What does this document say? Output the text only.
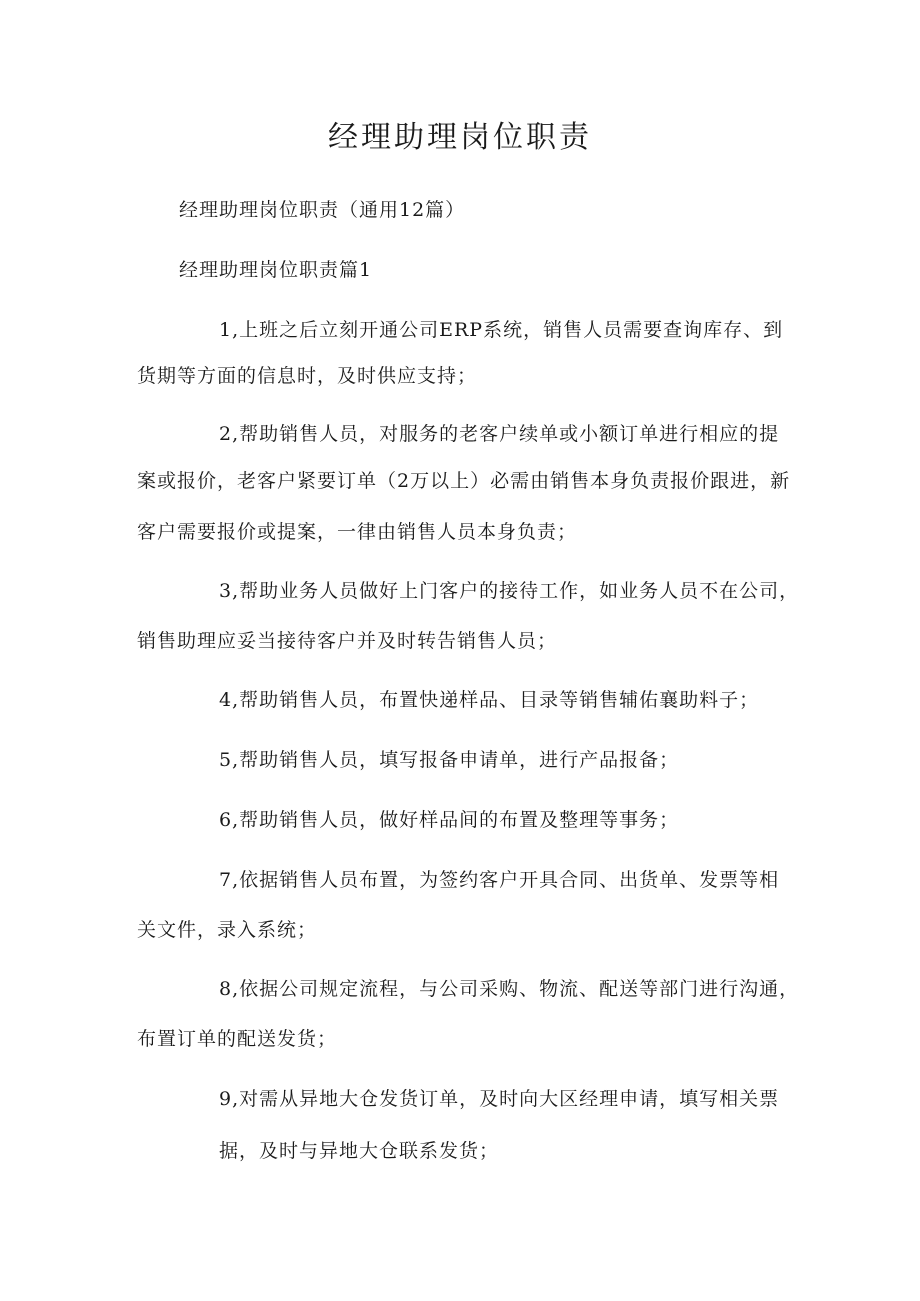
经理助理岗位职责
经理助理岗位职责（通用12篇）
经理助理岗位职责篇1
1,上班之后立刻开通公司ERP系统，销售人员需要查询库存、到
货期等方面的信息时，及时供应支持；
2,帮助销售人员，对服务的老客户续单或小额订单进行相应的提
案或报价，老客户紧要订单（2万以上）必需由销售本身负责报价跟进，新
客户需要报价或提案，一律由销售人员本身负责；
3,帮助业务人员做好上门客户的接待工作，如业务人员不在公司，
销售助理应妥当接待客户并及时转告销售人员；
4,帮助销售人员，布置快递样品、目录等销售辅佑襄助料子；
5,帮助销售人员，填写报备申请单，进行产品报备；
6,帮助销售人员，做好样品间的布置及整理等事务；
7,依据销售人员布置，为签约客户开具合同、出货单、发票等相
关文件，录入系统；
8,依据公司规定流程，与公司采购、物流、配送等部门进行沟通，
布置订单的配送发货；
9,对需从异地大仓发货订单，及时向大区经理申请，填写相关票
据，及时与异地大仓联系发货；
